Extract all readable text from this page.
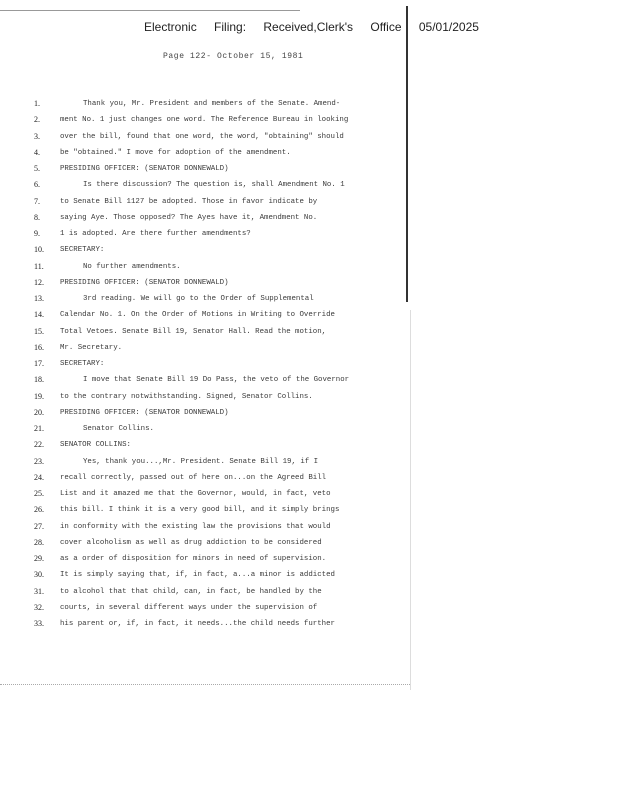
Electronic Filing: Received,Clerk's Office 05/01/2025
Page 122- October 15, 1981
1.	Thank you, Mr. President and members of the Senate. Amend-
2.	ment No. 1 just changes one word. The Reference Bureau in looking
3.	over the bill, found that one word, the word, "obtaining" should
4.	be "obtained." I move for adoption of the amendment.
5.	PRESIDING OFFICER: (SENATOR DONNEWALD)
6.	Is there discussion? The question is, shall Amendment No. 1
7.	to Senate Bill 1127 be adopted. Those in favor indicate by
8.	saying Aye. Those opposed? The Ayes have it, Amendment No.
9.	1 is adopted. Are there further amendments?
10.	SECRETARY:
11.	No further amendments.
12.	PRESIDING OFFICER: (SENATOR DONNEWALD)
13.	3rd reading. We will go to the Order of Supplemental
14.	Calendar No. 1. On the Order of Motions in Writing to Override
15.	Total Vetoes. Senate Bill 19, Senator Hall. Read the motion,
16.	Mr. Secretary.
17.	SECRETARY:
18.	I move that Senate Bill 19 Do Pass, the veto of the Governor
19.	to the contrary notwithstanding. Signed, Senator Collins.
20.	PRESIDING OFFICER: (SENATOR DONNEWALD)
21.	Senator Collins.
22.	SENATOR COLLINS:
23.	Yes, thank you...,Mr. President. Senate Bill 19, if I
24.	recall correctly, passed out of here on...on the Agreed Bill
25.	List and it amazed me that the Governor, would, in fact, veto
26.	this bill. I think it is a very good bill, and it simply brings
27.	in conformity with the existing law the provisions that would
28.	cover alcoholism as well as drug addiction to be considered
29.	as a order of disposition for minors in need of supervision.
30.	It is simply saying that, if, in fact, a...a minor is addicted
31.	to alcohol that that child, can, in fact, be handled by the
32.	courts, in several different ways under the supervision of
33.	his parent or, if, in fact, it needs...the child needs further
